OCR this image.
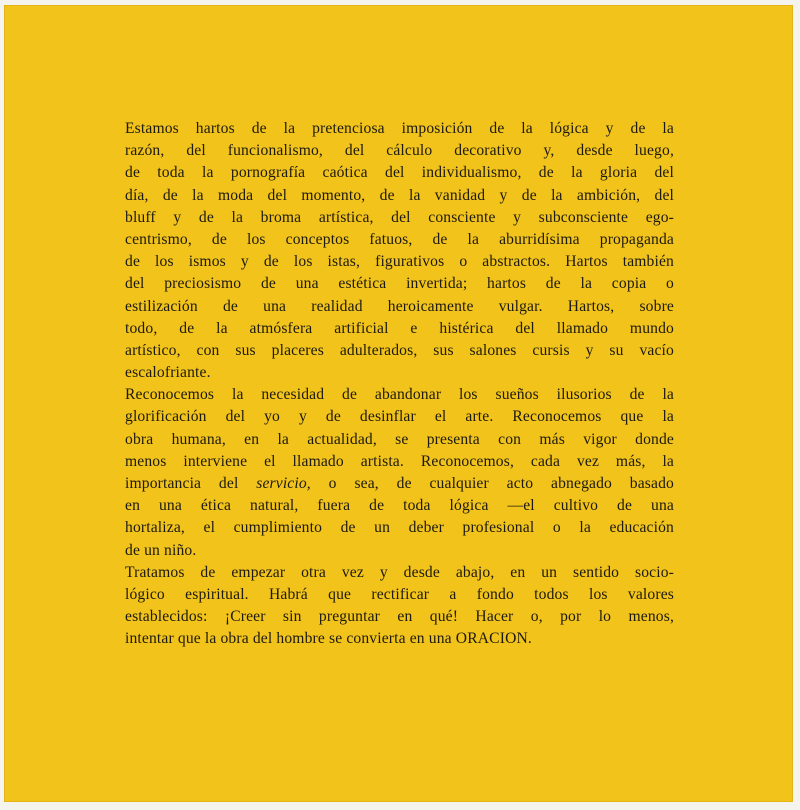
Estamos hartos de la pretenciosa imposición de la lógica y de la
razón, del funcionalismo, del cálculo decorativo y, desde luego,
de toda la pornografía caótica del individualismo, de la gloria del
día, de la moda del momento, de la vanidad y de la ambición, del
bluff y de la broma artística, del consciente y subconsciente ego-
centrismo, de los conceptos fatuos, de la aburridísima propaganda
de los ismos y de los istas, figurativos o abstractos. Hartos también
del preciosismo de una estética invertida; hartos de la copia o
estilización de una realidad heroicamente vulgar. Hartos, sobre
todo, de la atmósfera artificial e histérica del llamado mundo
artístico, con sus placeres adulterados, sus salones cursis y su vacío
escalofriante.
Reconocemos la necesidad de abandonar los sueños ilusorios de la
glorificación del yo y de desinflar el arte. Reconocemos que la
obra humana, en la actualidad, se presenta con más vigor donde
menos interviene el llamado artista. Reconocemos, cada vez más, la
importancia del servicio, o sea, de cualquier acto abnegado basado
en una ética natural, fuera de toda lógica —el cultivo de una
hortaliza, el cumplimiento de un deber profesional o la educación
de un niño.
Tratamos de empezar otra vez y desde abajo, en un sentido socio-
lógico espiritual. Habrá que rectificar a fondo todos los valores
establecidos: ¡Creer sin preguntar en qué! Hacer o, por lo menos,
intentar que la obra del hombre se convierta en una ORACION.
